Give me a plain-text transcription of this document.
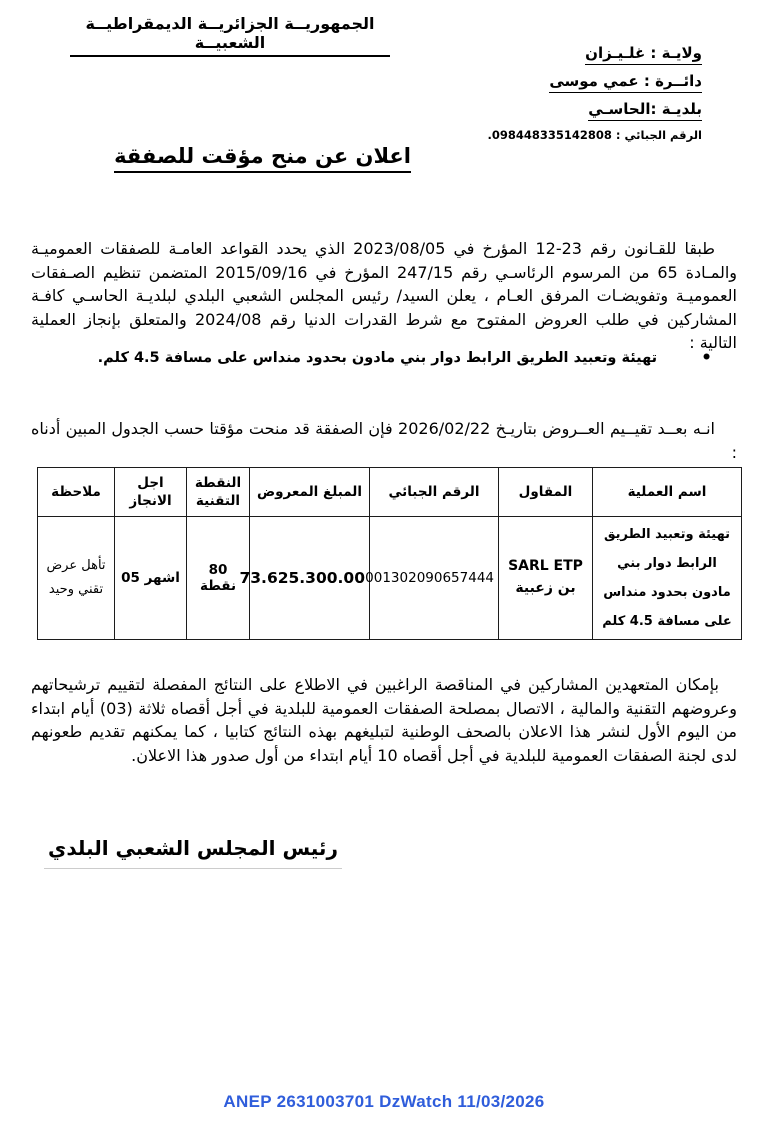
الجمهوريــة الجزائريــة الديمقراطيــة الشعبيــة
ولايـة : غلـيـزان
دائــرة : عمي موسى
بلديـة :الحاسـي
الرقم الجبائي : 098448335142808.
اعلان عن منح مؤقت للصفقة

طبقا للقـانون رقم 23-12 المؤرخ في 2023/08/05 الذي يحدد القواعد العامـة للصفقات العموميـة والمـادة 65 من المرسوم الرئاسـي رقم 247/15 المؤرخ في 2015/09/16 المتضمن تنظيم الصـفقات العموميـة وتفويضـات المرفق العـام ، يعلن السيد/ رئيس المجلس الشعبي البلدي لبلديـة الحاسـي كافـة المشاركين في طلب العروض المفتوح مع شرط القدرات الدنيا رقم 2024/08 والمتعلق بإنجاز العملية التالية :

•
تهيئة وتعبيد الطريق الرابط دوار بني مادون بحدود منداس على مسافة 4.5 كلم.

انـه بعــد تقيــيم العــروض بتاريـخ 2026/02/22 فإن الصفقة قد منحت مؤقتا حسب الجدول المبين أدناه :

اسم العملية	المقاول	الرقم الجبائي	المبلغ المعروض	النقطة التقنية	اجل الانجاز	ملاحظة
تهيئة وتعبيد الطريق الرابط دوار بني مادون بحدود منداس على مسافة 4.5 كلم	SARL ETP
بن زعبية	001302090657444	73.625.300.00	80 نقطة	05 اشهر	تأهل عرض تقني وحيد

بإمكان المتعهدين المشاركين في المناقصة الراغبين في الاطلاع على النتائج المفصلة لتقييم ترشيحاتهم وعروضهم التقنية والمالية ، الاتصال بمصلحة الصفقات العمومية للبلدية في أجل أقصاه ثلاثة (03) أيام ابتداء من اليوم الأول لنشر هذا الاعلان بالصحف الوطنية لتبليغهم بهذه النتائج كتابيا ، كما يمكنهم تقديم طعونهم لدى لجنة الصفقات العمومية للبلدية في أجل أقصاه 10 أيام ابتداء من أول صدور هذا الاعلان.

رئيس المجلس الشعبي البلدي
ANEP 2631003701 DzWatch 11/03/2026
